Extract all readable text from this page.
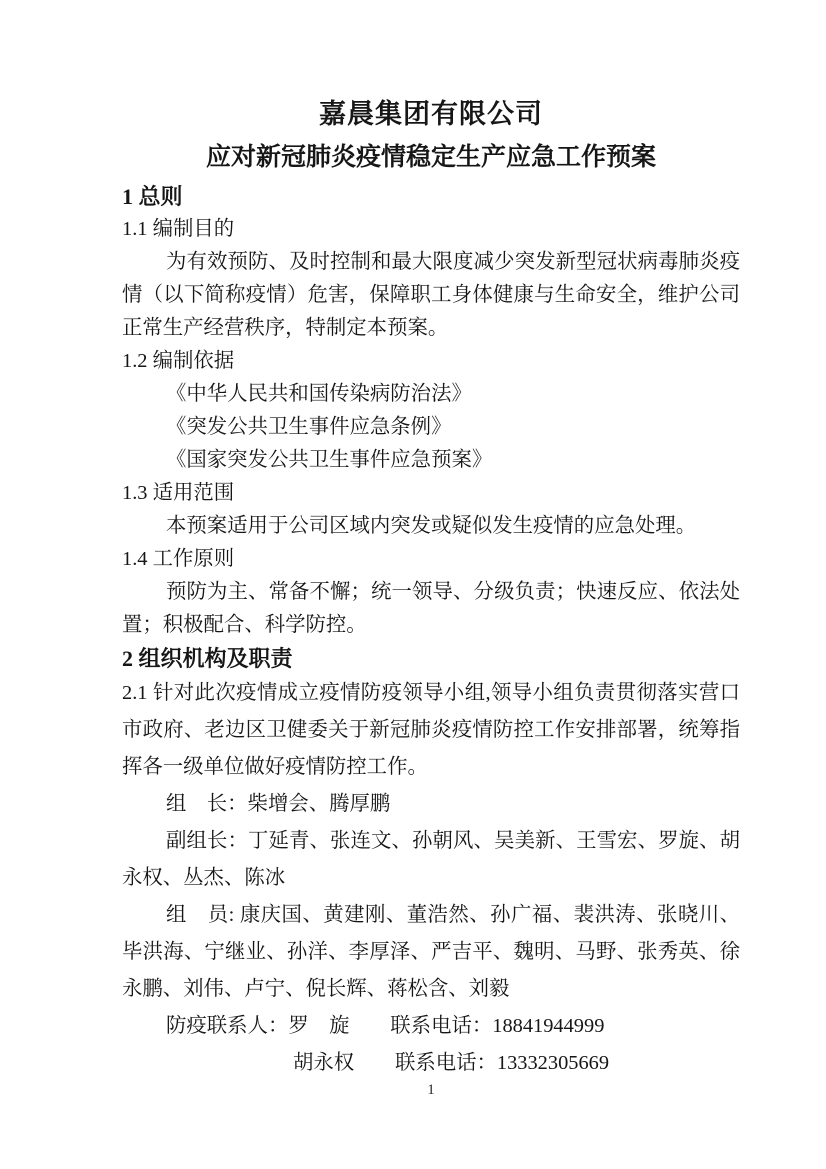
嘉晨集团有限公司
应对新冠肺炎疫情稳定生产应急工作预案
1 总则

1.1 编制目的

为有效预防、及时控制和最大限度减少突发新型冠状病毒肺炎疫情（以下简称疫情）危害，保障职工身体健康与生命安全，维护公司正常生产经营秩序，特制定本预案。

1.2 编制依据

《中华人民共和国传染病防治法》

《突发公共卫生事件应急条例》

《国家突发公共卫生事件应急预案》

1.3 适用范围

本预案适用于公司区域内突发或疑似发生疫情的应急处理。

1.4 工作原则

预防为主、常备不懈；统一领导、分级负责；快速反应、依法处置；积极配合、科学防控。

2 组织机构及职责

2.1 针对此次疫情成立疫情防疫领导小组,领导小组负责贯彻落实营口市政府、老边区卫健委关于新冠肺炎疫情防控工作安排部署，统筹指挥各一级单位做好疫情防控工作。

组　长：柴增会、腾厚鹏

副组长：丁延青、张连文、孙朝风、吴美新、王雪宏、罗旋、胡永权、丛杰、陈冰

组　员: 康庆国、黄建刚、董浩然、孙广福、裴洪涛、张晓川、毕洪海、宁继业、孙洋、李厚泽、严吉平、魏明、马野、张秀英、徐永鹏、刘伟、卢宁、倪长辉、蒋松含、刘毅

防疫联系人：罗　旋　　联系电话：18841944999

胡永权　　联系电话：13332305669

1
